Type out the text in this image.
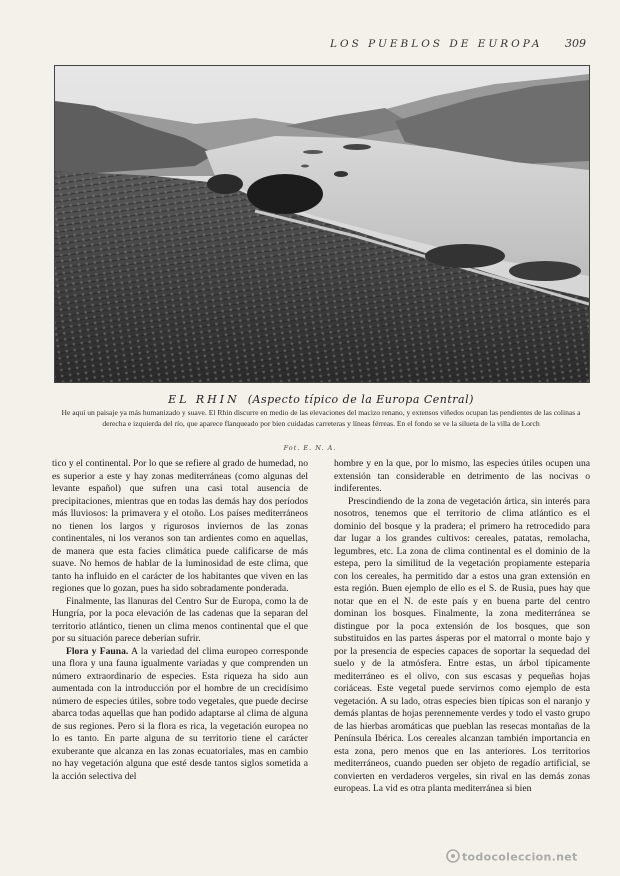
LOS PUEBLOS DE EUROPA 309
EL RHIN (Aspecto típico de la Europa Central)
He aquí un paisaje ya más humanizado y suave. El Rhin discurre en medio de las elevaciones del macizo renano, y extensos viñedos ocupan las pendientes de las colinas a derecha e izquierda del río, que aparece flanqueado por bien cuidadas carreteras y líneas férreas. En el fondo se ve la silueta de la villa de Lorch
Fot. E. N. A.

tico y el continental. Por lo que se refiere al grado de humedad, no es superior a este y hay zonas mediterráneas (como algunas del levante español) que sufren una casi total ausencia de precipitaciones, mientras que en todas las demás hay dos períodos más lluviosos: la primavera y el otoño. Los países mediterráneos no tienen los largos y rigurosos inviernos de las zonas continentales, ni los veranos son tan ardientes como en aquellas, de manera que esta facies climática puede calificarse de más suave. No hemos de hablar de la luminosidad de este clima, que tanto ha influido en el carácter de los habitantes que viven en las regiones que lo gozan, pues ha sido sobradamente ponderada.

Finalmente, las llanuras del Centro Sur de Europa, como la de Hungría, por la poca elevación de las cadenas que la separan del territorio atlántico, tienen un clima menos continental que el que por su situación parece deberían sufrir.

Flora y Fauna. A la variedad del clima europeo corresponde una flora y una fauna igualmente variadas y que comprenden un número extraordinario de especies. Esta riqueza ha sido aun aumentada con la introducción por el hombre de un crecidísimo número de especies útiles, sobre todo vegetales, que puede decirse abarca todas aquellas que han podido adaptarse al clima de alguna de sus regiones. Pero si la flora es rica, la vegetación europea no lo es tanto. En parte alguna de su territorio tiene el carácter exuberante que alcanza en las zonas ecuatoriales, mas en cambio no hay vegetación alguna que esté desde tantos siglos sometida a la acción selectiva del

hombre y en la que, por lo mismo, las especies útiles ocupen una extensión tan considerable en detrimento de las nocivas o indiferentes.

Prescindiendo de la zona de vegetación ártica, sin interés para nosotros, tenemos que el territorio de clima atlántico es el dominio del bosque y la pradera; el primero ha retrocedido para dar lugar a los grandes cultivos: cereales, patatas, remolacha, legumbres, etc. La zona de clima continental es el dominio de la estepa, pero la similitud de la vegetación propiamente esteparia con los cereales, ha permitido dar a estos una gran extensión en esta región. Buen ejemplo de ello es el S. de Rusia, pues hay que notar que en el N. de este país y en buena parte del centro dominan los bosques. Finalmente, la zona mediterránea se distingue por la poca extensión de los bosques, que son substituidos en las partes ásperas por el matorral o monte bajo y por la presencia de especies capaces de soportar la sequedad del suelo y de la atmósfera. Entre estas, un árbol típicamente mediterráneo es el olivo, con sus escasas y pequeñas hojas coriáceas. Este vegetal puede servirnos como ejemplo de esta vegetación. A su lado, otras especies bien típicas son el naranjo y demás plantas de hojas perennemente verdes y todo el vasto grupo de las hierbas aromáticas que pueblan las resecas montañas de la Península Ibérica. Los cereales alcanzan también importancia en esta zona, pero menos que en las anteriores. Los territorios mediterráneos, cuando pueden ser objeto de regadío artificial, se convierten en verdaderos vergeles, sin rival en las demás zonas europeas. La vid es otra planta mediterránea si bien

todocoleccion.net
